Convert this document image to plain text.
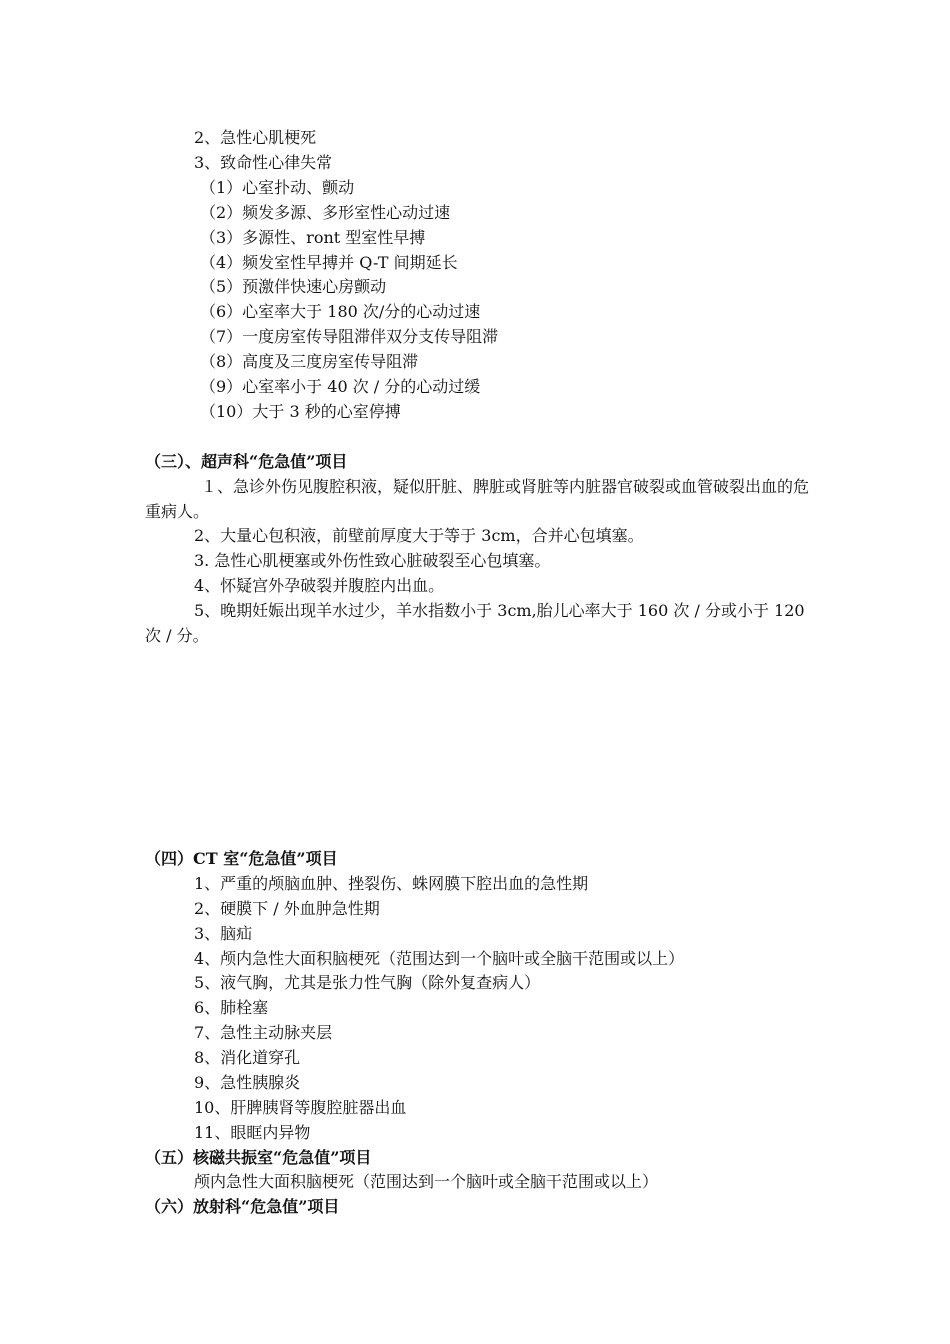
2、急性心肌梗死
3、致命性心律失常
（1）心室扑动、颤动
（2）频发多源、多形室性心动过速
（3）多源性、ront 型室性早搏
（4）频发室性早搏并 Q-T 间期延长
（5）预激伴快速心房颤动
（6）心室率大于 180 次/分的心动过速
（7）一度房室传导阻滞伴双分支传导阻滞
（8）高度及三度房室传导阻滞
（9）心室率小于 40 次 / 分的心动过缓
（10）大于 3 秒的心室停搏
（三）、超声科“危急值”项目
１、急诊外伤见腹腔积液，疑似肝脏、脾脏或肾脏等内脏器官破裂或血管破裂出血的危重病人。
2、大量心包积液，前壁前厚度大于等于 3cm，合并心包填塞。
3. 急性心肌梗塞或外伤性致心脏破裂至心包填塞。
4、怀疑宫外孕破裂并腹腔内出血。
5、晚期妊娠出现羊水过少，羊水指数小于 3cm,胎儿心率大于 160 次 / 分或小于 120 次 / 分。
（四）CT 室“危急值”项目
1、严重的颅脑血肿、挫裂伤、蛛网膜下腔出血的急性期
2、硬膜下 / 外血肿急性期
3、脑疝
4、颅内急性大面积脑梗死（范围达到一个脑叶或全脑干范围或以上）
5、液气胸，尤其是张力性气胸（除外复查病人）
6、肺栓塞
7、急性主动脉夹层
8、消化道穿孔
9、急性胰腺炎
10、肝脾胰肾等腹腔脏器出血
11、眼眶内异物
（五）核磁共振室“危急值”项目
颅内急性大面积脑梗死（范围达到一个脑叶或全脑干范围或以上）
（六）放射科“危急值”项目
